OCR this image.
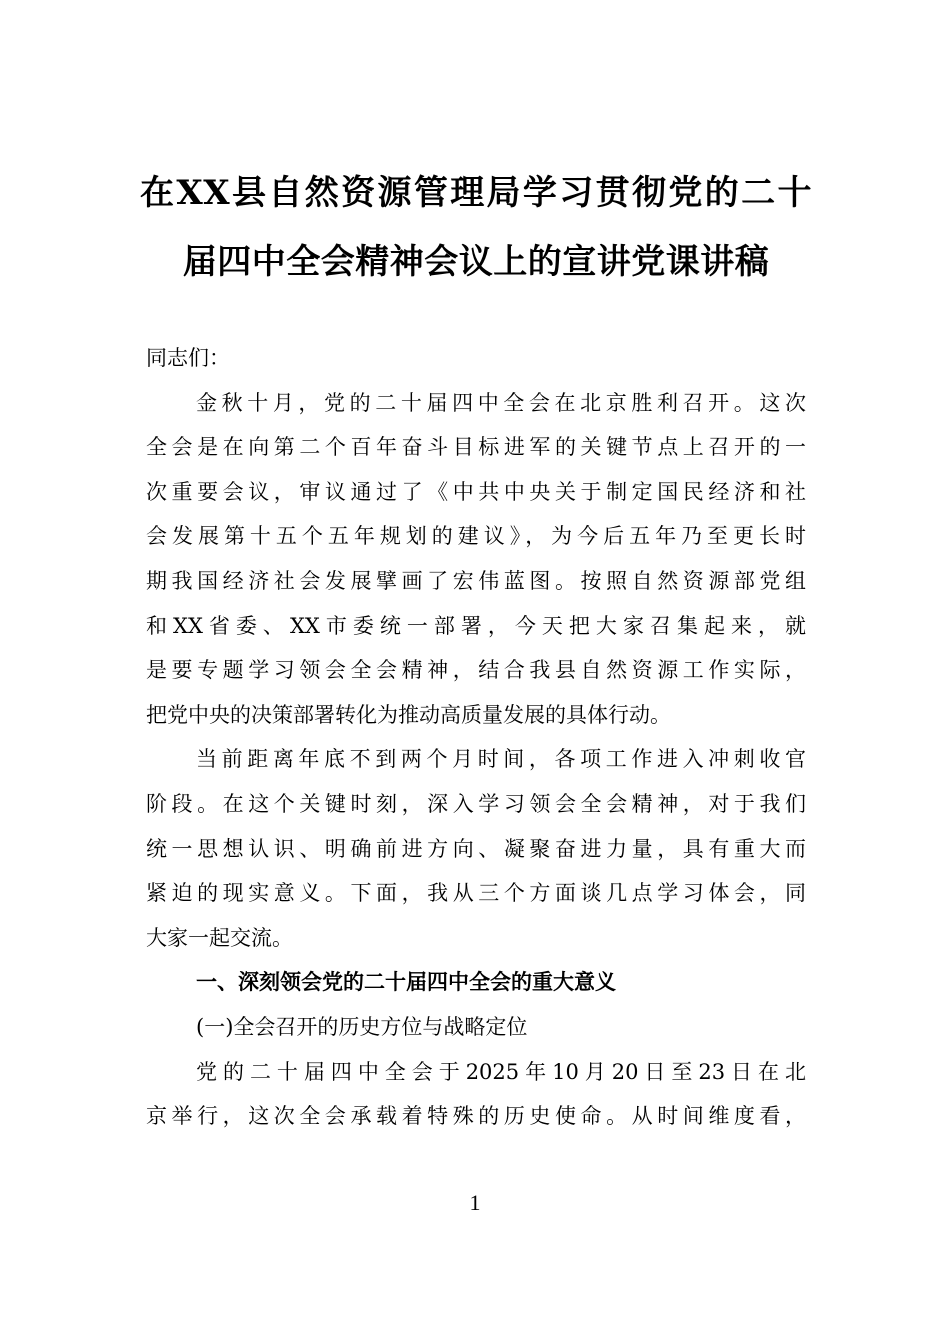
在XX县自然资源管理局学习贯彻党的二十
届四中全会精神会议上的宣讲党课讲稿
同志们：
金秋十月，党的二十届四中全会在北京胜利召开。这次
全会是在向第二个百年奋斗目标进军的关键节点上召开的一
次重要会议，审议通过了《中共中央关于制定国民经济和社
会发展第十五个五年规划的建议》，为今后五年乃至更长时
期我国经济社会发展擘画了宏伟蓝图。按照自然资源部党组
和XX省委、XX市委统一部署，今天把大家召集起来，就
是要专题学习领会全会精神，结合我县自然资源工作实际，
把党中央的决策部署转化为推动高质量发展的具体行动。
当前距离年底不到两个月时间，各项工作进入冲刺收官
阶段。在这个关键时刻，深入学习领会全会精神，对于我们
统一思想认识、明确前进方向、凝聚奋进力量，具有重大而
紧迫的现实意义。下面，我从三个方面谈几点学习体会，同
大家一起交流。
一、深刻领会党的二十届四中全会的重大意义
(一)全会召开的历史方位与战略定位
党的二十届四中全会于2025年10月20日至23日在北
京举行，这次全会承载着特殊的历史使命。从时间维度看，
1
